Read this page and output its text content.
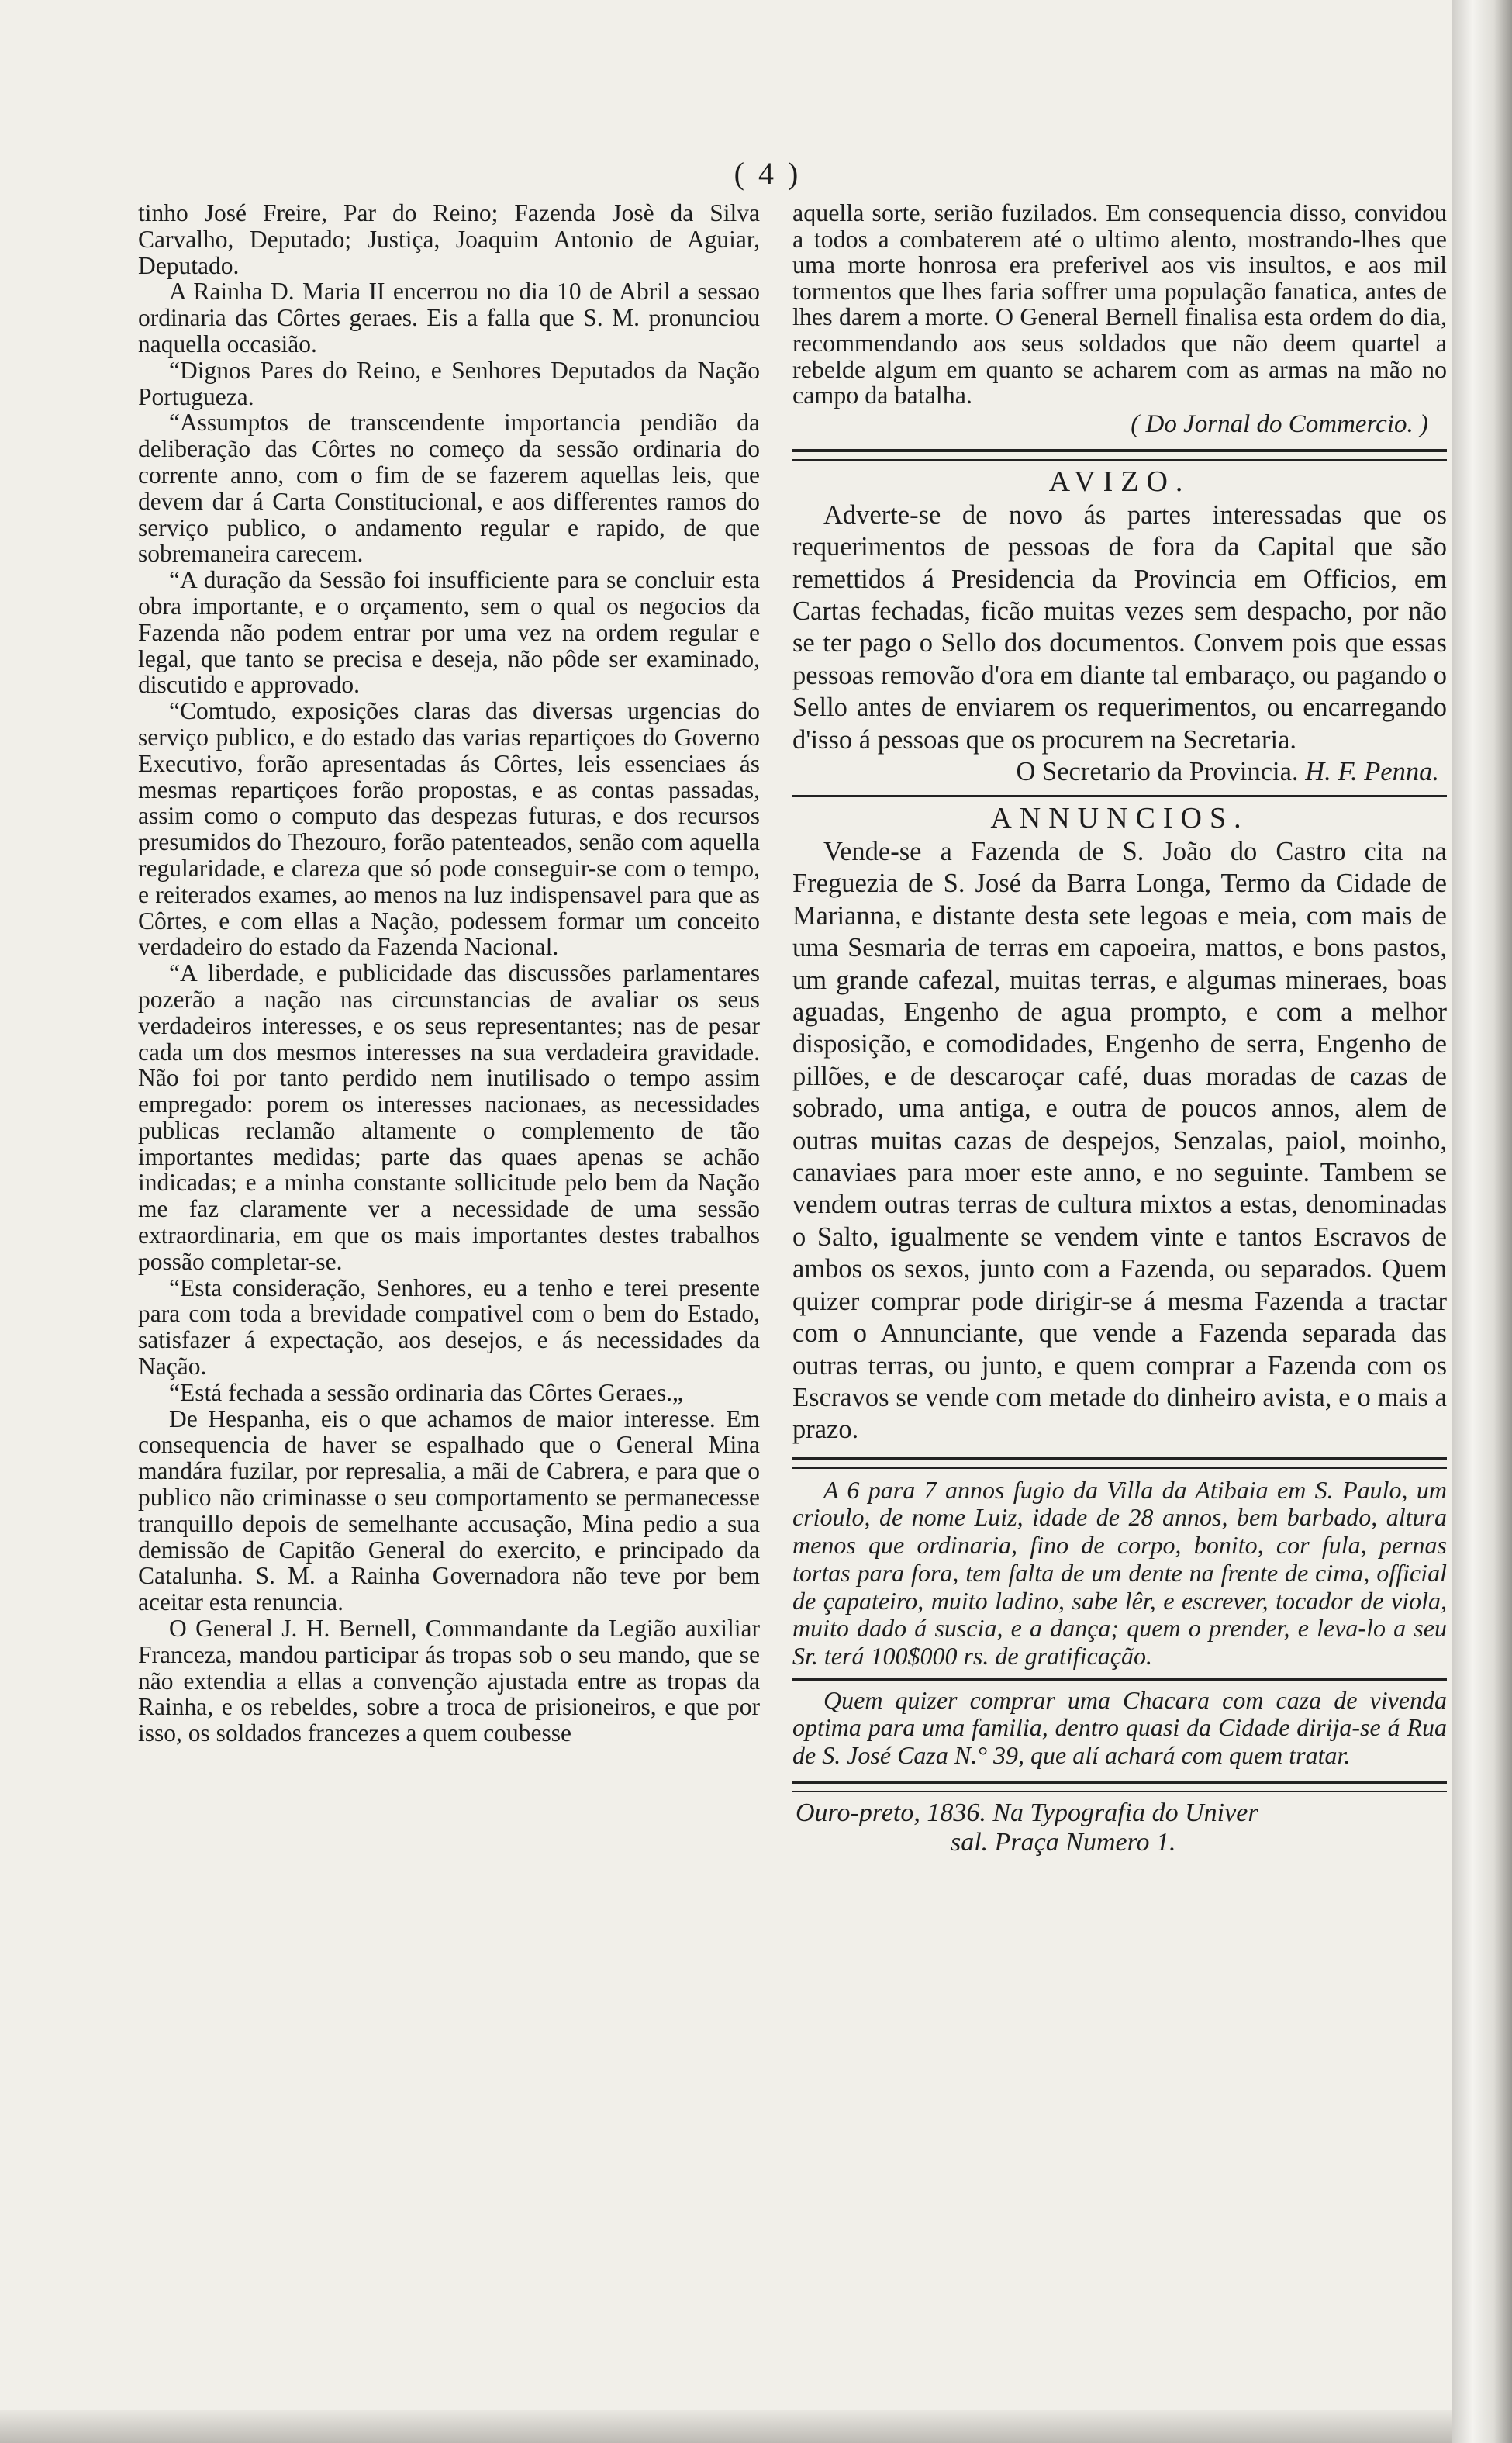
( 4 )

tinho José Freire, Par do Reino; Fazenda Josè da Silva Carvalho, Deputado; Justiça, Joaquim Antonio de Aguiar, Deputado.

A Rainha D. Maria II encerrou no dia 10 de Abril a sessao ordinaria das Côrtes geraes. Eis a falla que S. M. pronunciou naquella occasião.

“Dignos Pares do Reino, e Senhores Deputados da Nação Portugueza.

“Assumptos de transcendente importancia pendião da deliberação das Côrtes no começo da sessão ordinaria do corrente anno, com o fim de se fazerem aquellas leis, que devem dar á Carta Constitucional, e aos differentes ramos do serviço publico, o andamento regular e rapido, de que sobremaneira carecem.

“A duração da Sessão foi insufficiente para se concluir esta obra importante, e o orçamento, sem o qual os negocios da Fazenda não podem entrar por uma vez na ordem regular e legal, que tanto se precisa e deseja, não pôde ser examinado, discutido e approvado.

“Comtudo, exposições claras das diversas urgencias do serviço publico, e do estado das varias repartiçoes do Governo Executivo, forão apresentadas ás Côrtes, leis essenciaes ás mesmas repartiçoes forão propostas, e as contas passadas, assim como o computo das despezas futuras, e dos recursos presumidos do Thezouro, forão patenteados, senão com aquella regularidade, e clareza que só pode conseguir-se com o tempo, e reiterados exames, ao menos na luz indispensavel para que as Côrtes, e com ellas a Nação, podessem formar um conceito verdadeiro do estado da Fazenda Nacional.

“A liberdade, e publicidade das discussões parlamentares pozerão a nação nas circunstancias de avaliar os seus verdadeiros interesses, e os seus representantes; nas de pesar cada um dos mesmos interesses na sua verdadeira gravidade. Não foi por tanto perdido nem inutilisado o tempo assim empregado: porem os interesses nacionaes, as necessidades publicas reclamão altamente o complemento de tão importantes medidas; parte das quaes apenas se achão indicadas; e a minha constante sollicitude pelo bem da Nação me faz claramente ver a necessidade de uma sessão extraordinaria, em que os mais importantes destes trabalhos possão completar-se.

“Esta consideração, Senhores, eu a tenho e terei presente para com toda a brevidade compativel com o bem do Estado, satisfazer á expectação, aos desejos, e ás necessidades da Nação.

“Está fechada a sessão ordinaria das Côrtes Geraes.„

De Hespanha, eis o que achamos de maior interesse. Em consequencia de haver se espalhado que o General Mina mandára fuzilar, por represalia, a mãi de Cabrera, e para que o publico não criminasse o seu comportamento se permanecesse tranquillo depois de semelhante accusação, Mina pedio a sua demissão de Capitão General do exercito, e principado da Catalunha. S. M. a Rainha Governadora não teve por bem aceitar esta renuncia.

O General J. H. Bernell, Commandante da Legião auxiliar Franceza, mandou participar ás tropas sob o seu mando, que se não extendia a ellas a convenção ajustada entre as tropas da Rainha, e os rebeldes, sobre a troca de prisioneiros, e que por isso, os soldados francezes a quem coubesse

aquella sorte, serião fuzilados. Em consequencia disso, convidou a todos a combaterem até o ultimo alento, mostrando-lhes que uma morte honrosa era preferivel aos vis insultos, e aos mil tormentos que lhes faria soffrer uma população fanatica, antes de lhes darem a morte. O General Bernell finalisa esta ordem do dia, recommendando aos seus soldados que não deem quartel a rebelde algum em quanto se acharem com as armas na mão no campo da batalha.

( Do Jornal do Commercio. )
AVIZO.

Adverte-se de novo ás partes interessadas que os requerimentos de pessoas de fora da Capital que são remettidos á Presidencia da Provincia em Officios, em Cartas fechadas, ficão muitas vezes sem despacho, por não se ter pago o Sello dos documentos. Convem pois que essas pessoas removão d'ora em diante tal embaraço, ou pagando o Sello antes de enviarem os requerimentos, ou encarregando d'isso á pessoas que os procurem na Secretaria.

O Secretario da Provincia. H. F. Penna.
ANNUNCIOS.

Vende-se a Fazenda de S. João do Castro cita na Freguezia de S. José da Barra Longa, Termo da Cidade de Marianna, e distante desta sete legoas e meia, com mais de uma Sesmaria de terras em capoeira, mattos, e bons pastos, um grande cafezal, muitas terras, e algumas mineraes, boas aguadas, Engenho de agua prompto, e com a melhor disposição, e comodidades, Engenho de serra, Engenho de pillões, e de descaroçar café, duas moradas de cazas de sobrado, uma antiga, e outra de poucos annos, alem de outras muitas cazas de despejos, Senzalas, paiol, moinho, canaviaes para moer este anno, e no seguinte. Tambem se vendem outras terras de cultura mixtos a estas, denominadas o Salto, igualmente se vendem vinte e tantos Escravos de ambos os sexos, junto com a Fazenda, ou separados. Quem quizer comprar pode dirigir-se á mesma Fazenda a tractar com o Annunciante, que vende a Fazenda separada das outras terras, ou junto, e quem comprar a Fazenda com os Escravos se vende com metade do dinheiro avista, e o mais a prazo.

A 6 para 7 annos fugio da Villa da Atibaia em S. Paulo, um crioulo, de nome Luiz, idade de 28 annos, bem barbado, altura menos que ordinaria, fino de corpo, bonito, cor fula, pernas tortas para fora, tem falta de um dente na frente de cima, official de çapateiro, muito ladino, sabe lêr, e escrever, tocador de viola, muito dado á suscia, e a dança; quem o prender, e leva-lo a seu Sr. terá 100$000 rs. de gratificação.

Quem quizer comprar uma Chacara com caza de vivenda optima para uma familia, dentro quasi da Cidade dirija-se á Rua de S. José Caza N.° 39, que alí achará com quem tratar.

Ouro-preto, 1836. Na Typografia do Univer
sal. Praça Numero 1.
